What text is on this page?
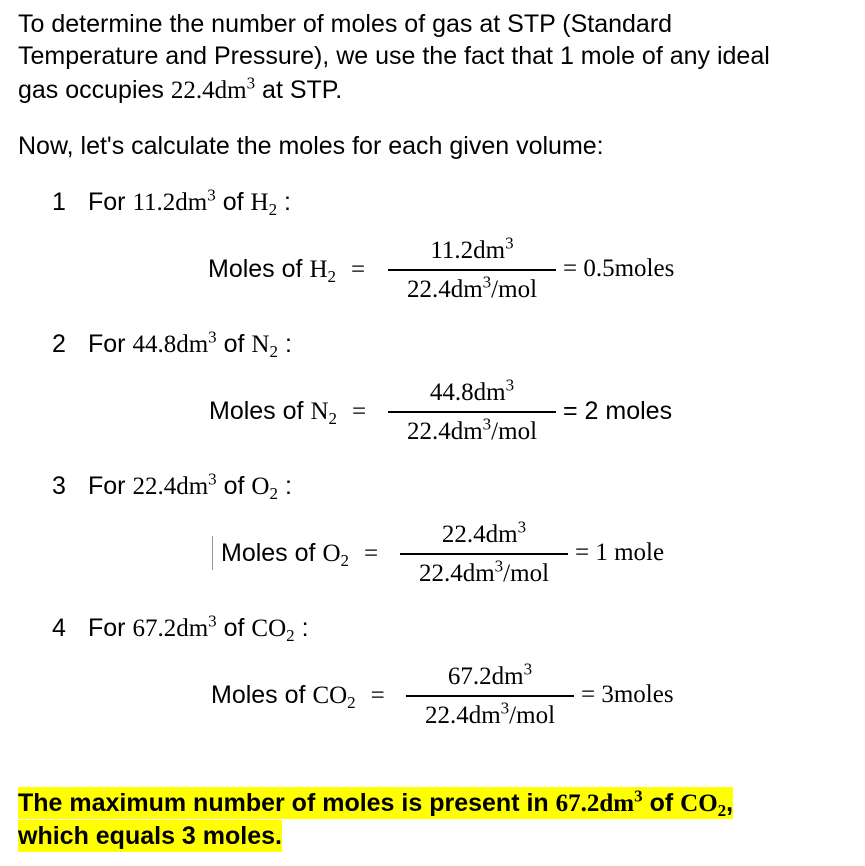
To determine the number of moles of gas at STP (Standard
Temperature and Pressure), we use the fact that 1 mole of any ideal
gas occupies $22.4dm^3$ at STP.
Now, let's calculate the moles for each given volume:
1 For $11.2dm^3$ of $H_2$ :
Moles of $H_2$ =
$11.2dm^3$
$22.4dm^3$/mol
= 0.5moles
2 For $44.8dm^3$ of $N_2$ :
Moles of $N_2$ =
$44.8dm^3$
$22.4dm^3$/mol
= 2 moles
3 For $22.4dm^3$ of $O_2$ :
Moles of $O_2$ =
$22.4dm^3$
$22.4dm^3$/mol
= 1 mole
4 For $67.2dm^3$ of $CO_2$ :
Moles of $CO_2$ =
$67.2dm^3$
$22.4dm^3$/mol
= 3moles
The maximum number of moles is present in $67.2dm^3$ of $CO_2$,
which equals 3 moles.
